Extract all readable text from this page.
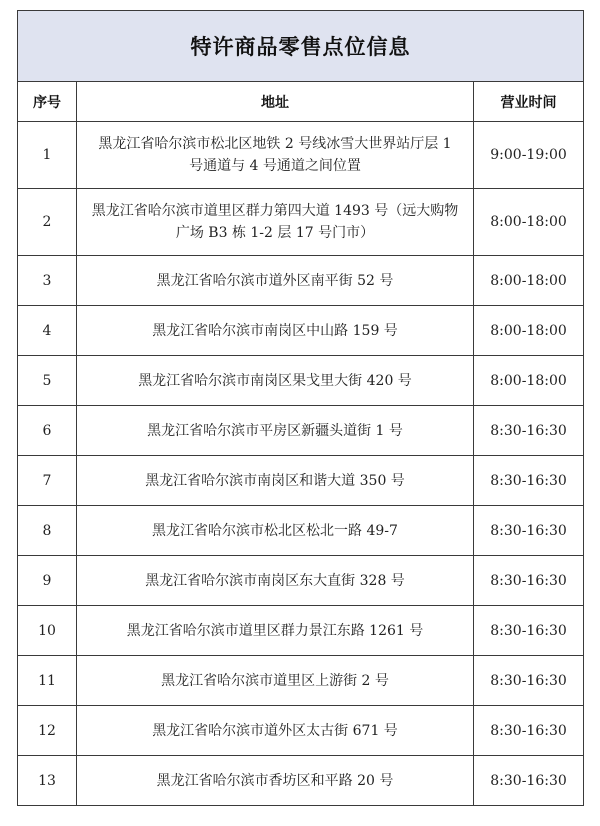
特许商品零售点位信息		
序号	地址	营业时间
1	黑龙江省哈尔滨市松北区地铁 2 号线冰雪大世界站厅层 1 号通道与 4 号通道之间位置	9:00-19:00
2	黑龙江省哈尔滨市道里区群力第四大道 1493 号（远大购物广场 B3 栋 1-2 层 17 号门市）	8:00-18:00
3	黑龙江省哈尔滨市道外区南平街 52 号	8:00-18:00
4	黑龙江省哈尔滨市南岗区中山路 159 号	8:00-18:00
5	黑龙江省哈尔滨市南岗区果戈里大街 420 号	8:00-18:00
6	黑龙江省哈尔滨市平房区新疆头道街 1 号	8:30-16:30
7	黑龙江省哈尔滨市南岗区和谐大道 350 号	8:30-16:30
8	黑龙江省哈尔滨市松北区松北一路 49-7	8:30-16:30
9	黑龙江省哈尔滨市南岗区东大直街 328 号	8:30-16:30
10	黑龙江省哈尔滨市道里区群力景江东路 1261 号	8:30-16:30
11	黑龙江省哈尔滨市道里区上游街 2 号	8:30-16:30
12	黑龙江省哈尔滨市道外区太古街 671 号	8:30-16:30
13	黑龙江省哈尔滨市香坊区和平路 20 号	8:30-16:30
